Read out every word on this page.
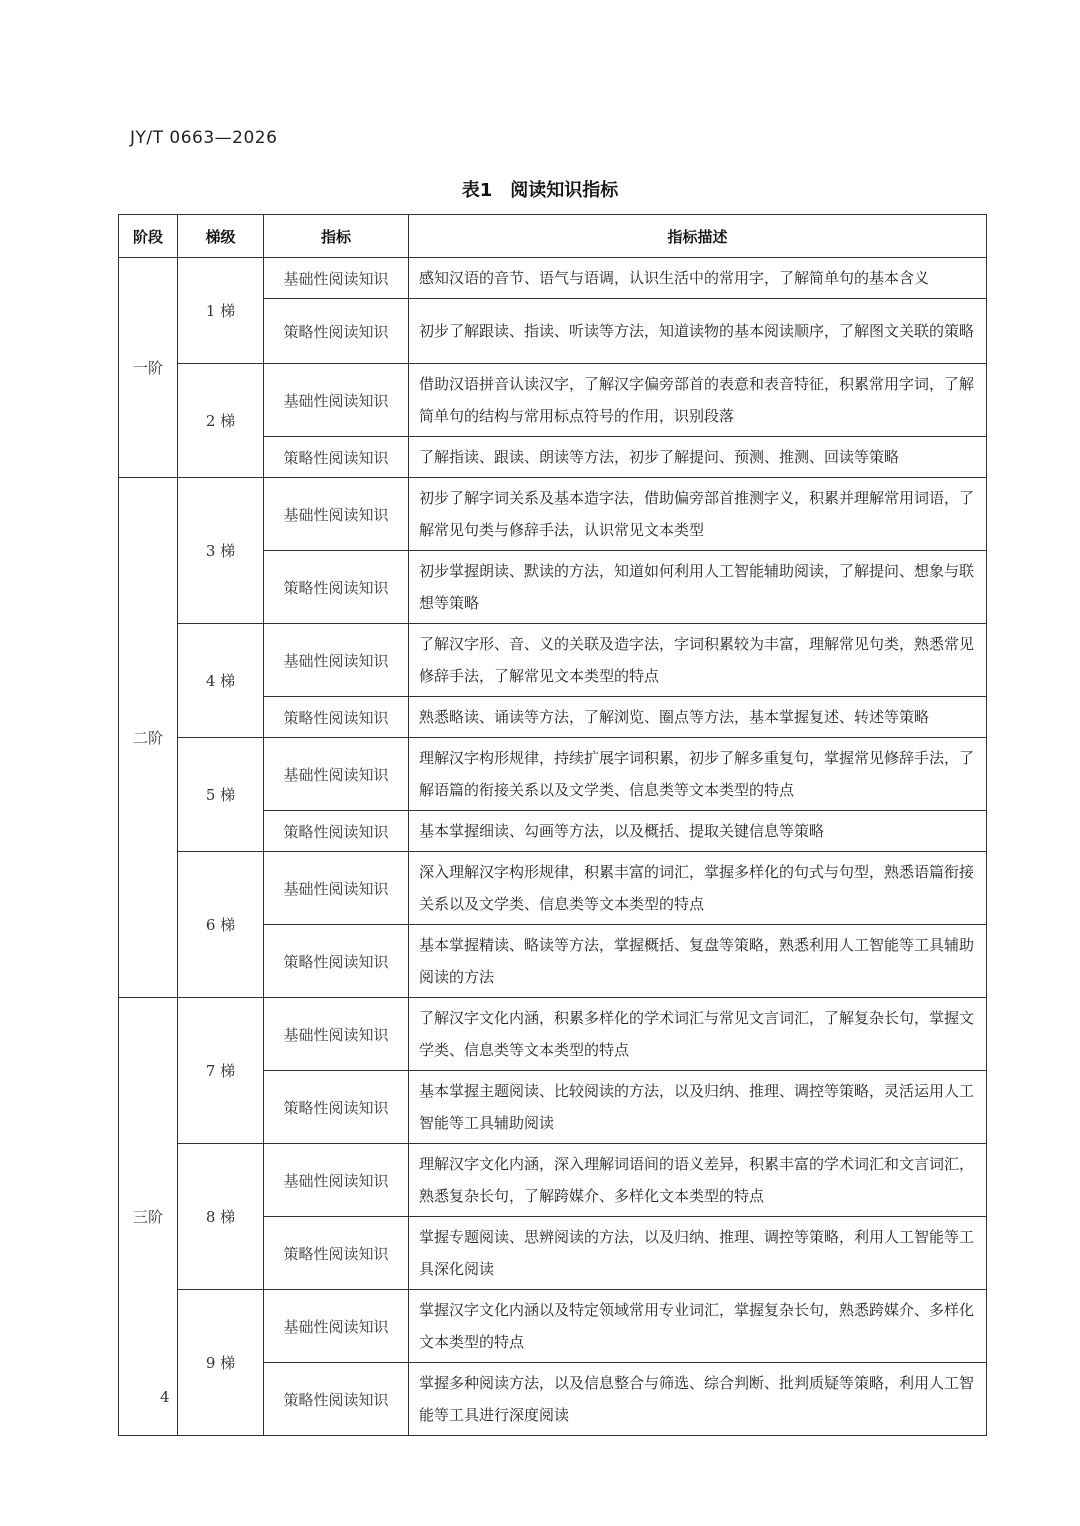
JY/T 0663—2026
表1　阅读知识指标
阶段	梯级	指标	指标描述
一阶	1 梯	基础性阅读知识	感知汉语的音节、语气与语调，认识生活中的常用字，了解简单句的基本含义
		策略性阅读知识	初步了解跟读、指读、听读等方法，知道读物的基本阅读顺序，了解图文关联的策略
	2 梯	基础性阅读知识	借助汉语拼音认读汉字，了解汉字偏旁部首的表意和表音特征，积累常用字词，了解简单句的结构与常用标点符号的作用，识别段落
		策略性阅读知识	了解指读、跟读、朗读等方法，初步了解提问、预测、推测、回读等策略
二阶	3 梯	基础性阅读知识	初步了解字词关系及基本造字法，借助偏旁部首推测字义，积累并理解常用词语，了解常见句类与修辞手法，认识常见文本类型
		策略性阅读知识	初步掌握朗读、默读的方法，知道如何利用人工智能辅助阅读，了解提问、想象与联想等策略
	4 梯	基础性阅读知识	了解汉字形、音、义的关联及造字法，字词积累较为丰富，理解常见句类，熟悉常见修辞手法，了解常见文本类型的特点
		策略性阅读知识	熟悉略读、诵读等方法，了解浏览、圈点等方法，基本掌握复述、转述等策略
	5 梯	基础性阅读知识	理解汉字构形规律，持续扩展字词积累，初步了解多重复句，掌握常见修辞手法，了解语篇的衔接关系以及文学类、信息类等文本类型的特点
		策略性阅读知识	基本掌握细读、勾画等方法，以及概括、提取关键信息等策略
	6 梯	基础性阅读知识	深入理解汉字构形规律，积累丰富的词汇，掌握多样化的句式与句型，熟悉语篇衔接关系以及文学类、信息类等文本类型的特点
		策略性阅读知识	基本掌握精读、略读等方法，掌握概括、复盘等策略，熟悉利用人工智能等工具辅助阅读的方法
三阶	7 梯	基础性阅读知识	了解汉字文化内涵，积累多样化的学术词汇与常见文言词汇，了解复杂长句，掌握文学类、信息类等文本类型的特点
		策略性阅读知识	基本掌握主题阅读、比较阅读的方法，以及归纳、推理、调控等策略，灵活运用人工智能等工具辅助阅读
	8 梯	基础性阅读知识	理解汉字文化内涵，深入理解词语间的语义差异，积累丰富的学术词汇和文言词汇，熟悉复杂长句，了解跨媒介、多样化文本类型的特点
		策略性阅读知识	掌握专题阅读、思辨阅读的方法，以及归纳、推理、调控等策略，利用人工智能等工具深化阅读
	9 梯	基础性阅读知识	掌握汉字文化内涵以及特定领域常用专业词汇，掌握复杂长句，熟悉跨媒介、多样化文本类型的特点
		策略性阅读知识	掌握多种阅读方法，以及信息整合与筛选、综合判断、批判质疑等策略，利用人工智能等工具进行深度阅读
4
